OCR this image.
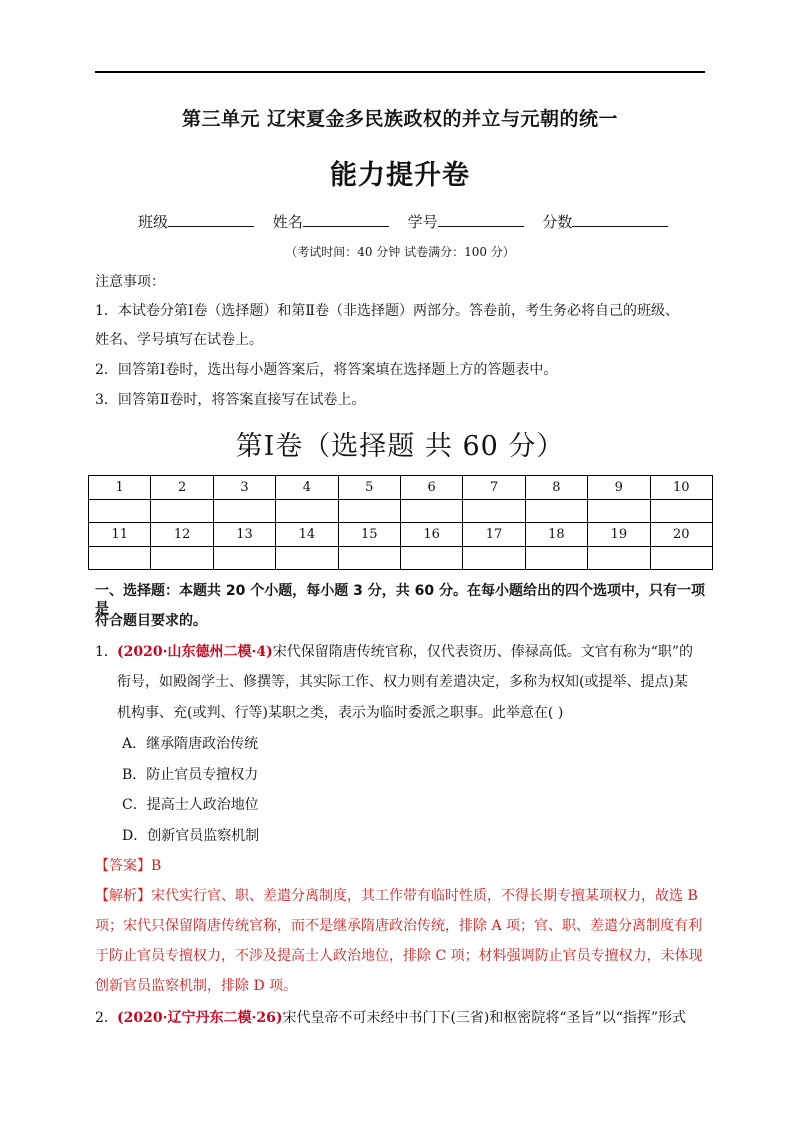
第三单元 辽宋夏金多民族政权的并立与元朝的统一
能力提升卷
班级	姓名	学号	分数
（考试时间：40 分钟 试卷满分：100 分）
注意事项：
1．本试卷分第Ⅰ卷（选择题）和第Ⅱ卷（非选择题）两部分。答卷前，考生务必将自己的班级、
姓名、学号填写在试卷上。
2．回答第Ⅰ卷时，选出每小题答案后，将答案填在选择题上方的答题表中。
3．回答第Ⅱ卷时，将答案直接写在试卷上。
第Ⅰ卷（选择题 共 60 分）
1	2	3	4	5	6	7	8	9	10

11	12	13	14	15	16	17	18	19	20

一、选择题：本题共 20 个小题，每小题 3 分，共 60 分。在每小题给出的四个选项中，只有一项是
符合题目要求的。
1．(2020·山东德州二模·4)宋代保留隋唐传统官称，仅代表资历、俸禄高低。文官有称为“职”的
衔号，如殿阁学士、修撰等，其实际工作、权力则有差遣决定，多称为权知(或提举、提点)某
机构事、充(或判、行等)某职之类，表示为临时委派之职事。此举意在( )
A．继承隋唐政治传统
B．防止官员专擅权力
C．提高士人政治地位
D．创新官员监察机制
【答案】B
【解析】宋代实行官、职、差遣分离制度，其工作带有临时性质，不得长期专擅某项权力，故选 B
项；宋代只保留隋唐传统官称，而不是继承隋唐政治传统，排除 A 项；官、职、差遣分离制度有利
于防止官员专擅权力，不涉及提高士人政治地位，排除 C 项；材料强调防止官员专擅权力，未体现
创新官员监察机制，排除 D 项。
2．(2020·辽宁丹东二模·26)宋代皇帝不可未经中书门下(三省)和枢密院将“圣旨”以“指挥”形式
